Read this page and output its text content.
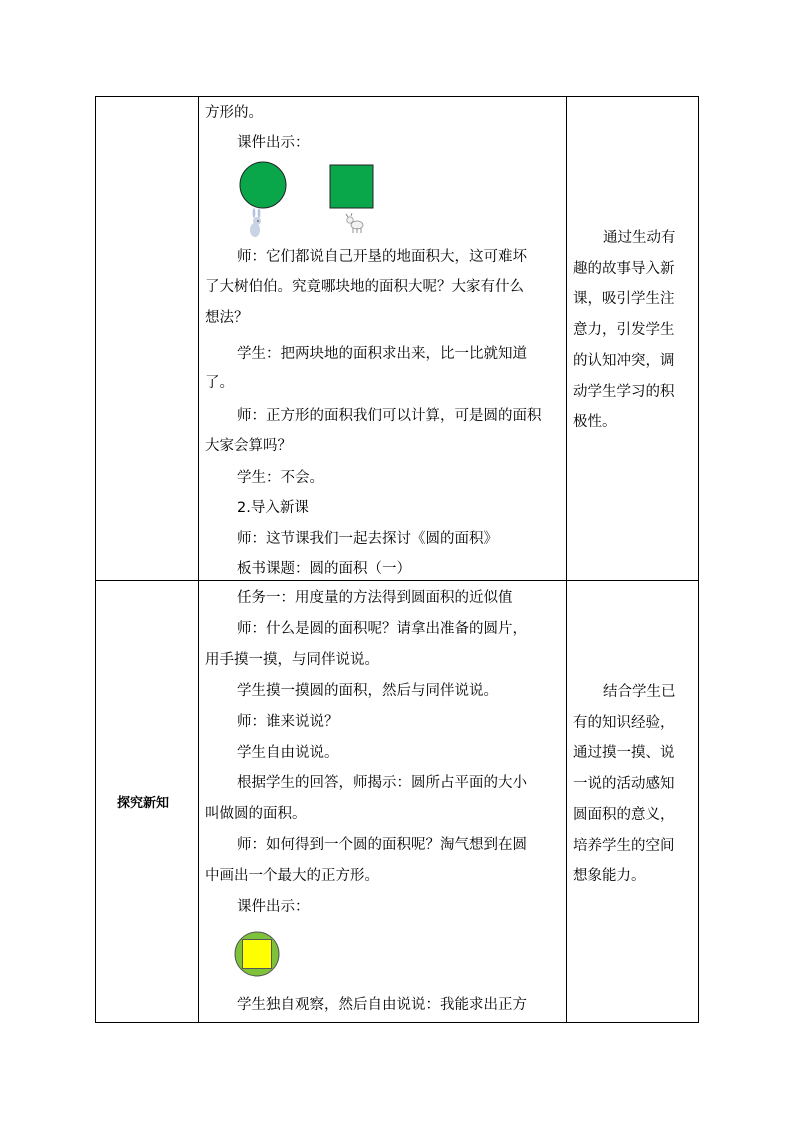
方形的。
课件出示：
师：它们都说自己开垦的地面积大，这可难坏
了大树伯伯。究竟哪块地的面积大呢？大家有什么
想法？
学生：把两块地的面积求出来，比一比就知道
了。
师：正方形的面积我们可以计算，可是圆的面积
大家会算吗？
学生：不会。
2.导入新课
师：这节课我们一起去探讨《圆的面积》
板书课题：圆的面积（一）
通过生动有
趣的故事导入新
课，吸引学生注
意力，引发学生
的认知冲突，调
动学生学习的积
极性。
探究新知
任务一：用度量的方法得到圆面积的近似值
师：什么是圆的面积呢？请拿出准备的圆片，
用手摸一摸，与同伴说说。
学生摸一摸圆的面积，然后与同伴说说。
师：谁来说说？
学生自由说说。
根据学生的回答，师揭示：圆所占平面的大小
叫做圆的面积。
师：如何得到一个圆的面积呢？淘气想到在圆
中画出一个最大的正方形。
课件出示：
学生独自观察，然后自由说说：我能求出正方
结合学生已
有的知识经验，
通过摸一摸、说
一说的活动感知
圆面积的意义，
培养学生的空间
想象能力。
